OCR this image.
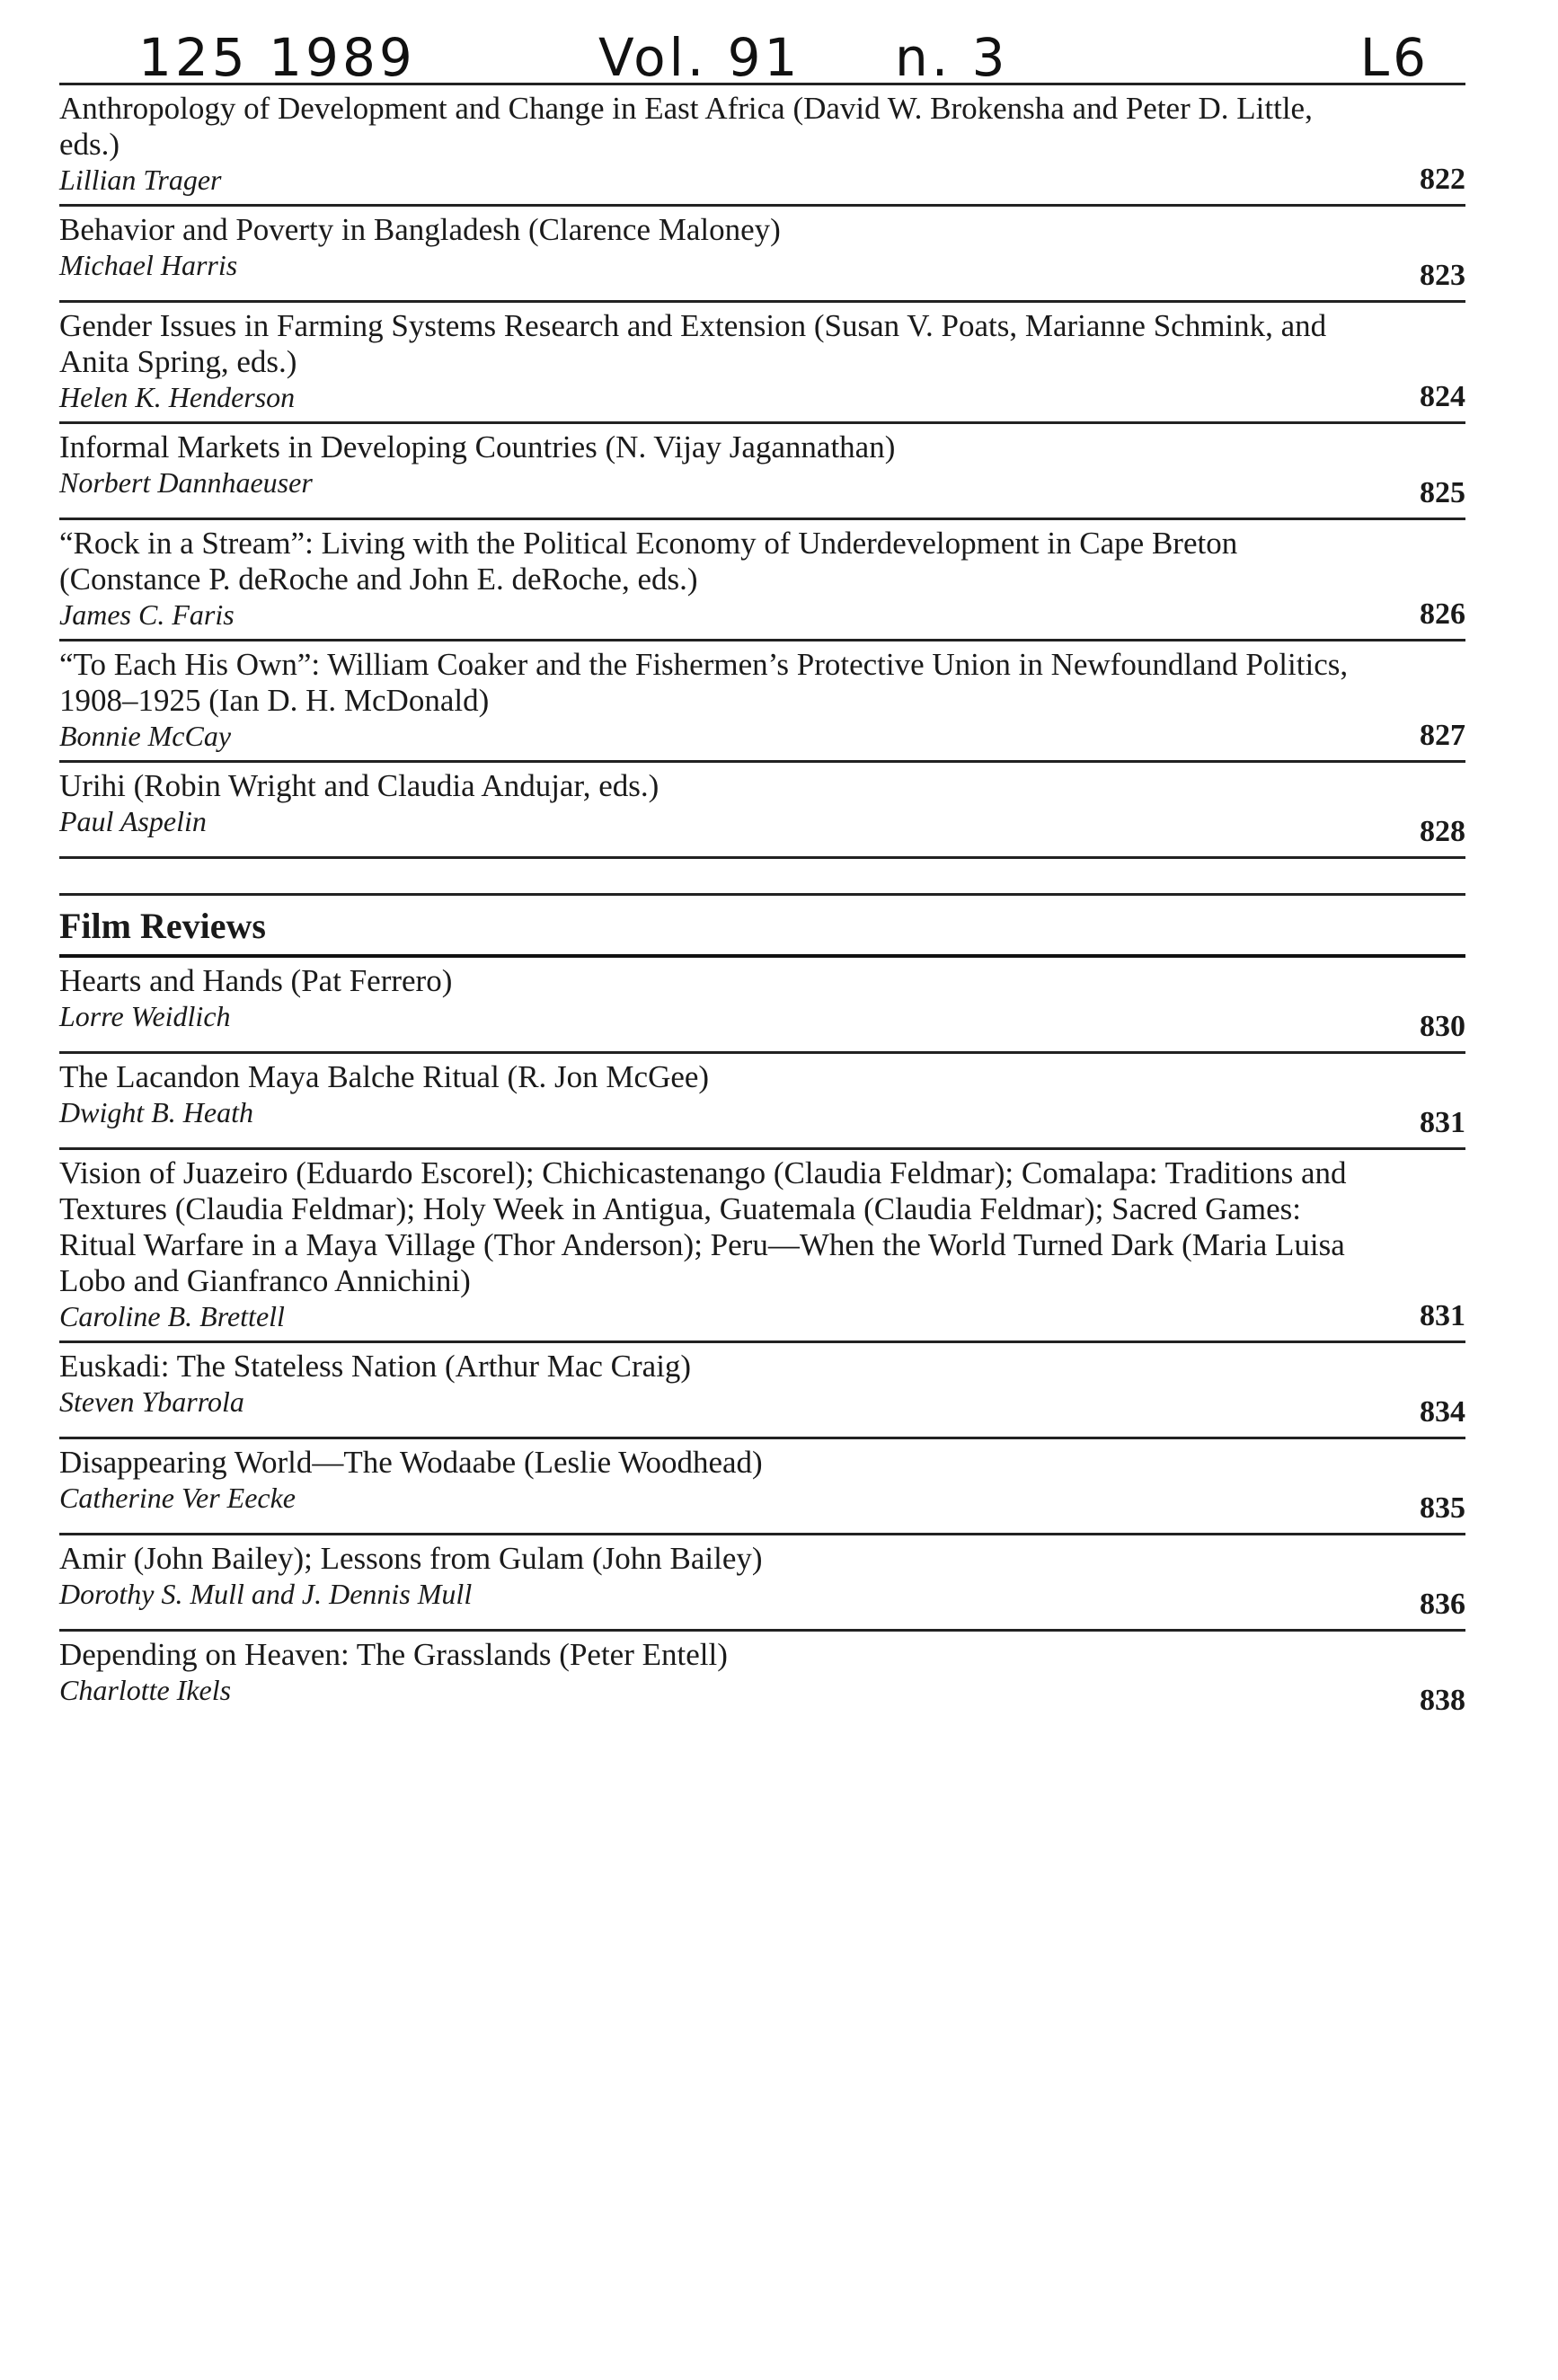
125 1989	Vol. 91 n. 3	L6

Anthropology of Development and Change in East Africa (David W. Brokensha and Peter D. Little, eds.)

Lillian Trager	822

Behavior and Poverty in Bangladesh (Clarence Maloney)

Michael Harris	823

Gender Issues in Farming Systems Research and Extension (Susan V. Poats, Marianne Schmink, and Anita Spring, eds.)

Helen K. Henderson	824

Informal Markets in Developing Countries (N. Vijay Jagannathan)

Norbert Dannhaeuser	825

“Rock in a Stream”: Living with the Political Economy of Underdevelopment in Cape Breton (Constance P. deRoche and John E. deRoche, eds.)

James C. Faris	826

“To Each His Own”: William Coaker and the Fishermen’s Protective Union in Newfoundland Politics, 1908–1925 (Ian D. H. McDonald)

Bonnie McCay	827

Urihi (Robin Wright and Claudia Andujar, eds.)

Paul Aspelin	828
Film Reviews

Hearts and Hands (Pat Ferrero)

Lorre Weidlich	830

The Lacandon Maya Balche Ritual (R. Jon McGee)

Dwight B. Heath	831

Vision of Juazeiro (Eduardo Escorel); Chichicastenango (Claudia Feldmar); Comalapa: Traditions and Textures (Claudia Feldmar); Holy Week in Antigua, Guatemala (Claudia Feldmar); Sacred Games: Ritual Warfare in a Maya Village (Thor Anderson); Peru—When the World Turned Dark (Maria Luisa Lobo and Gianfranco Annichini)

Caroline B. Brettell	831

Euskadi: The Stateless Nation (Arthur Mac Craig)

Steven Ybarrola	834

Disappearing World—The Wodaabe (Leslie Woodhead)

Catherine Ver Eecke	835

Amir (John Bailey); Lessons from Gulam (John Bailey)

Dorothy S. Mull and J. Dennis Mull	836

Depending on Heaven: The Grasslands (Peter Entell)

Charlotte Ikels	838
